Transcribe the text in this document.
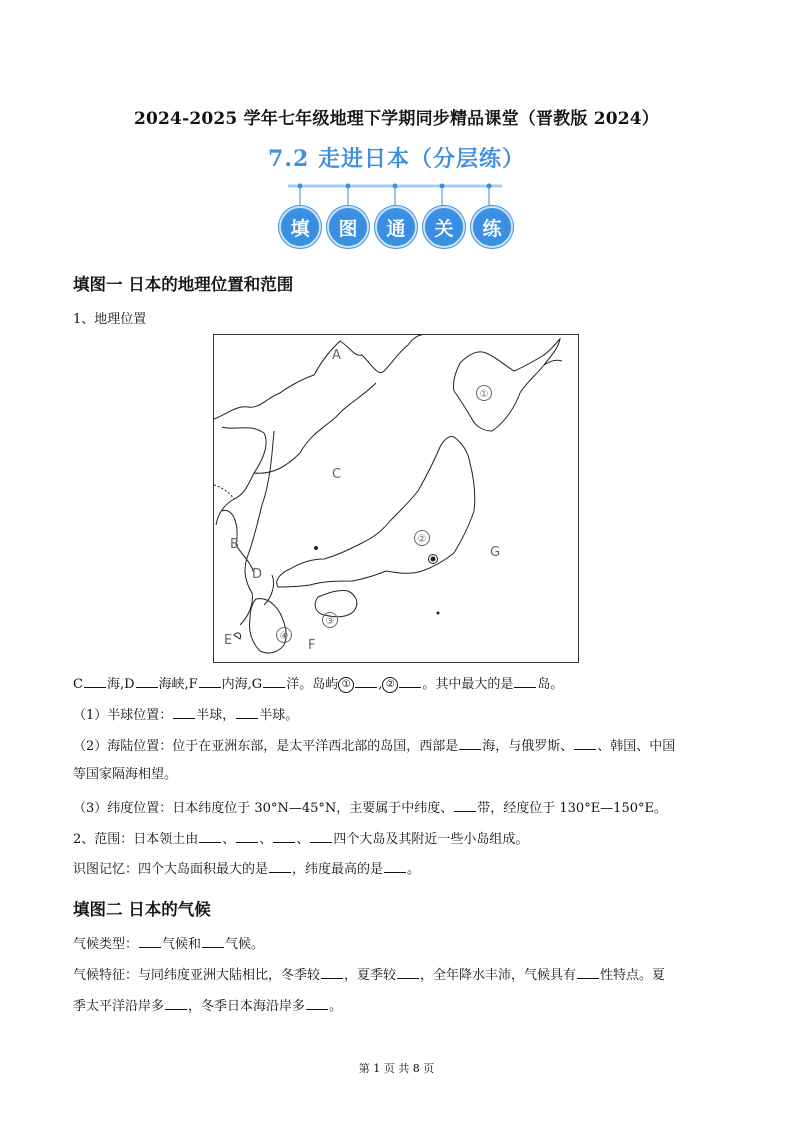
2024-2025 学年七年级地理下学期同步精品课堂（晋教版 2024）
7.2 走进日本（分层练）
填	图	通	关	练
填图一 日本的地理位置和范围
1、地理位置
A
B
C
D
E	F
G
①
②
③
④
C 海,D 海峡,F 内海,G 洋。岛屿 ① , ② 。其中最大的是 岛。
（1）半球位置： 半球， 半球。
（2）海陆位置：位于在亚洲东部，是太平洋西北部的岛国，西部是 海，与俄罗斯、 、韩国、中国
等国家隔海相望。
（3）纬度位置：日本纬度位于 30°N—45°N，主要属于中纬度、 带，经度位于 130°E—150°E。
2、范围：日本领土由 、 、 、 四个大岛及其附近一些小岛组成。
识图记忆：四个大岛面积最大的是 ，纬度最高的是 。
填图二 日本的气候
气候类型： 气候和 气候。
气候特征：与同纬度亚洲大陆相比，冬季较 ，夏季较 ，全年降水丰沛，气候具有 性特点。夏
季太平洋沿岸多 ，冬季日本海沿岸多 。
第 1 页 共 8 页
